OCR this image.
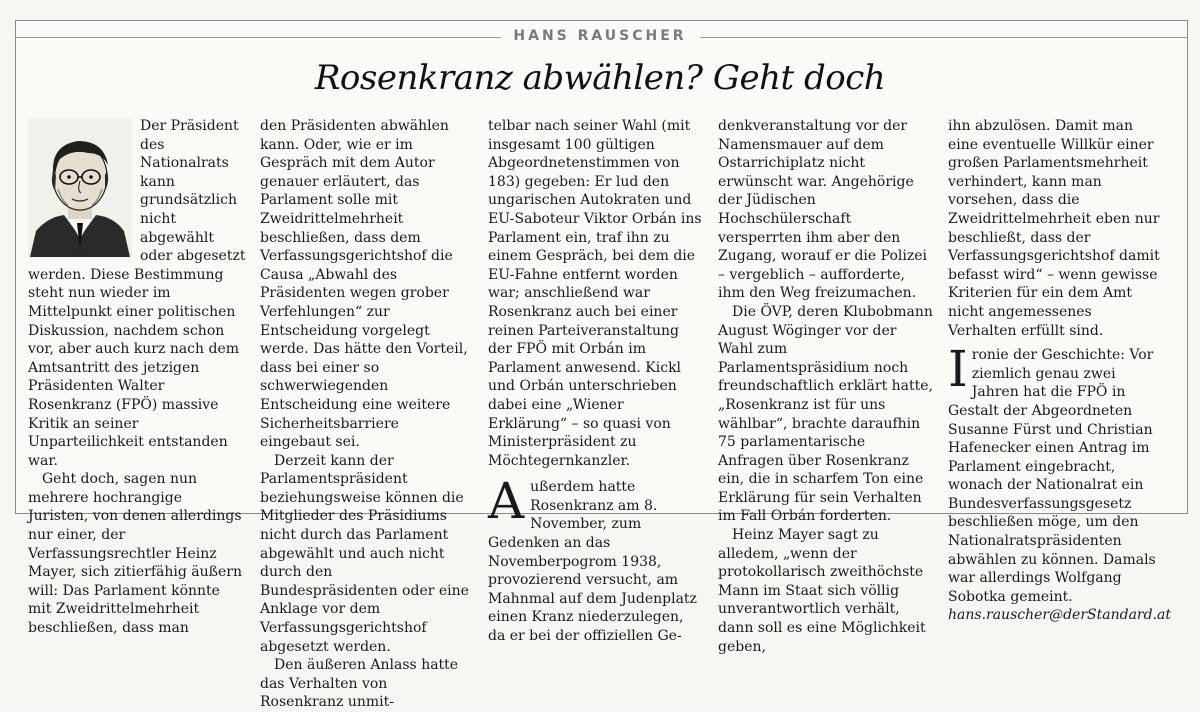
HANS RAUSCHER
Rosenkranz abwählen? Geht doch

Der Präsident des Nationalrats kann grundsätzlich nicht abgewählt oder abgesetzt werden. Diese Bestimmung steht nun wieder im Mittelpunkt einer politischen Diskussion, nachdem schon vor, aber auch kurz nach dem Amtsantritt des jetzigen Präsidenten Walter Rosenkranz (FPÖ) massive Kritik an seiner Unparteilichkeit entstanden war.

Geht doch, sagen nun mehrere hochrangige Juristen, von denen allerdings nur einer, der Verfassungsrechtler Heinz Mayer, sich zitierfähig äußern will: Das Parlament könnte mit Zweidrittelmehrheit beschließen, dass man

den Präsidenten abwählen kann. Oder, wie er im Gespräch mit dem Autor genauer erläutert, das Parlament solle mit Zweidrittelmehrheit beschließen, dass dem Verfassungsgerichtshof die Causa „Abwahl des Präsidenten wegen grober Verfehlungen“ zur Entscheidung vorgelegt werde. Das hätte den Vorteil, dass bei einer so schwerwiegenden Entscheidung eine weitere Sicherheitsbarriere eingebaut sei.

Derzeit kann der Parlamentspräsident beziehungsweise können die Mitglieder des Präsidiums nicht durch das Parlament abgewählt und auch nicht durch den Bundespräsidenten oder eine Anklage vor dem Verfassungsgerichtshof abgesetzt werden.

Den äußeren Anlass hatte das Verhalten von Rosenkranz unmit-

telbar nach seiner Wahl (mit insgesamt 100 gültigen Abgeordnetenstimmen von 183) gegeben: Er lud den ungarischen Autokraten und EU-Saboteur Viktor Orbán ins Parlament ein, traf ihn zu einem Gespräch, bei dem die EU-Fahne entfernt worden war; anschließend war Rosenkranz auch bei einer reinen Parteiveranstaltung der FPÖ mit Orbán im Parlament anwesend. Kickl und Orbán unterschrieben dabei eine „Wiener Erklärung“ – so quasi von Ministerpräsident zu Möchtegernkanzler.

A ußerdem hatte Rosenkranz am 8. November, zum Gedenken an das Novemberpogrom 1938, provozierend versucht, am Mahnmal auf dem Judenplatz einen Kranz niederzulegen, da er bei der offiziellen Ge-

denkveranstaltung vor der Namensmauer auf dem Ostarrichiplatz nicht erwünscht war. Angehörige der Jüdischen Hochschülerschaft versperrten ihm aber den Zugang, worauf er die Polizei – vergeblich – aufforderte, ihm den Weg freizumachen.

Die ÖVP, deren Klubobmann August Wöginger vor der Wahl zum Parlamentspräsidium noch freundschaftlich erklärt hatte, „Rosenkranz ist für uns wählbar“, brachte daraufhin 75 parlamentarische Anfragen über Rosenkranz ein, die in scharfem Ton eine Erklärung für sein Verhalten im Fall Orbán forderten.

Heinz Mayer sagt zu alledem, „wenn der protokollarisch zweithöchste Mann im Staat sich völlig unverantwortlich verhält, dann soll es eine Möglichkeit geben,

ihn abzulösen. Damit man eine eventuelle Willkür einer großen Parlamentsmehrheit verhindert, kann man vorsehen, dass die Zweidrittelmehrheit eben nur beschließt, dass der Verfassungsgerichtshof damit befasst wird“ – wenn gewisse Kriterien für ein dem Amt nicht angemessenes Verhalten erfüllt sind.

I ronie der Geschichte: Vor ziemlich genau zwei Jahren hat die FPÖ in Gestalt der Abgeordneten Susanne Fürst und Christian Hafenecker einen Antrag im Parlament eingebracht, wonach der Nationalrat ein Bundesverfassungsgesetz beschließen möge, um den Nationalratspräsidenten abwählen zu können. Damals war allerdings Wolfgang Sobotka gemeint.

hans.rauscher@derStandard.at
